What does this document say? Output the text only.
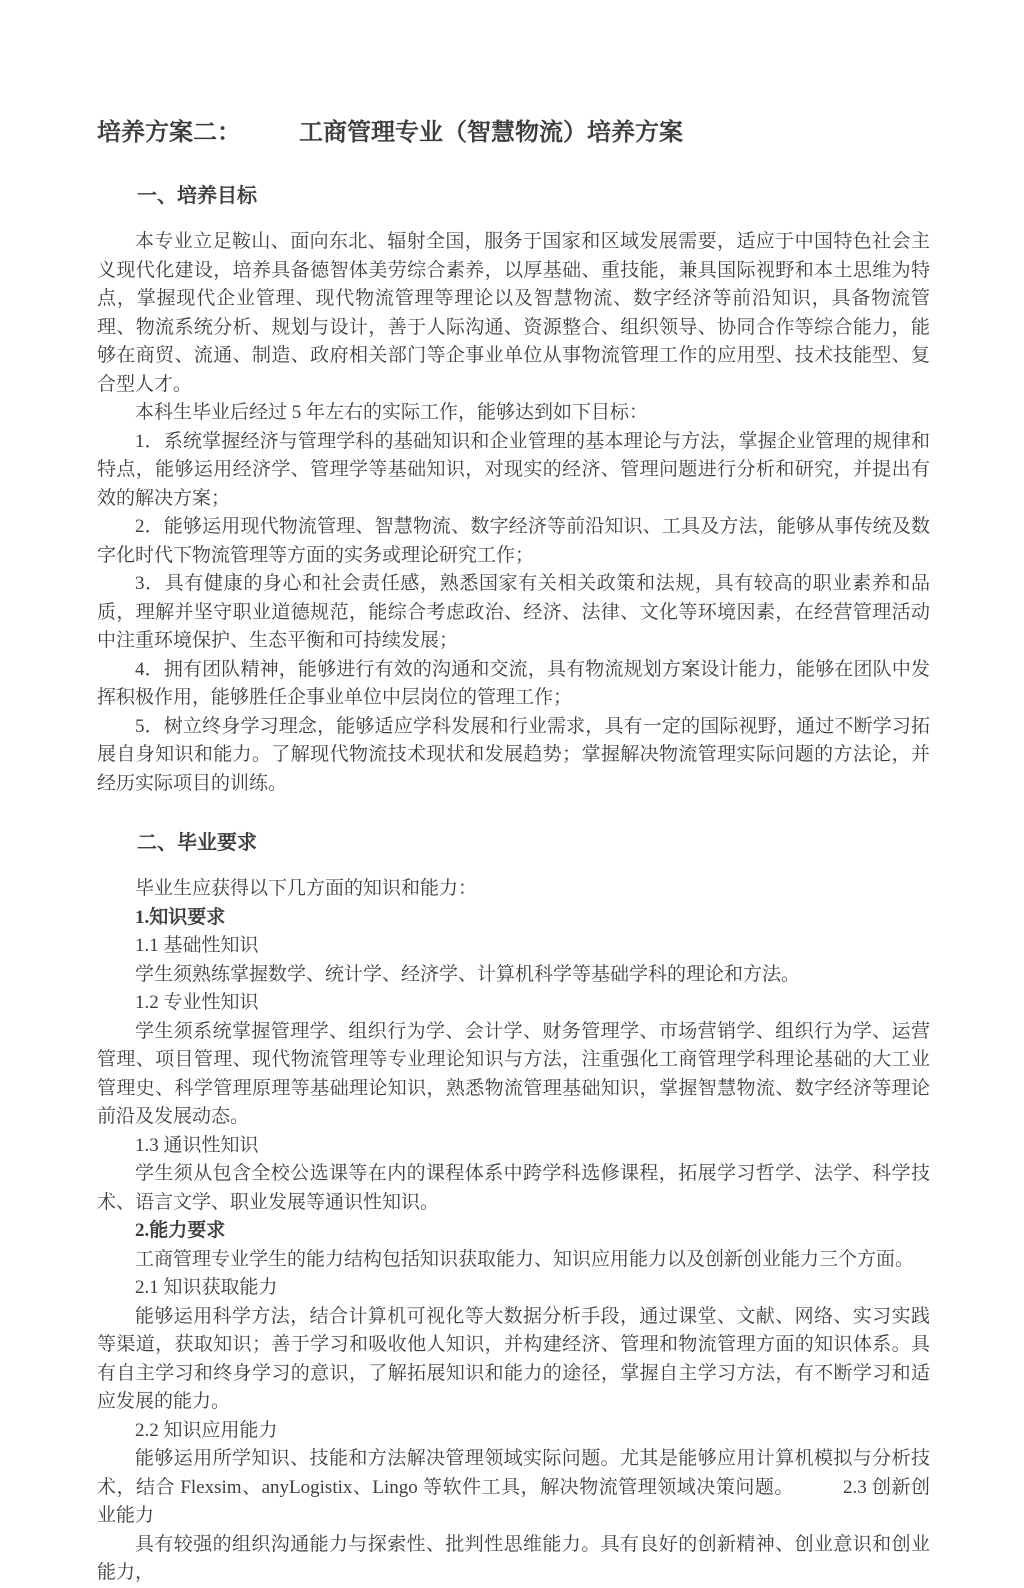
培养方案二： 工商管理专业（智慧物流）培养方案

一、培养目标

本专业立足鞍山、面向东北、辐射全国，服务于国家和区域发展需要，适应于中国特色社会主义现代化建设，培养具备德智体美劳综合素养，以厚基础、重技能，兼具国际视野和本土思维为特点，掌握现代企业管理、现代物流管理等理论以及智慧物流、数字经济等前沿知识，具备物流管理、物流系统分析、规划与设计，善于人际沟通、资源整合、组织领导、协同合作等综合能力，能够在商贸、流通、制造、政府相关部门等企事业单位从事物流管理工作的应用型、技术技能型、复合型人才。

本科生毕业后经过 5 年左右的实际工作，能够达到如下目标：

1．系统掌握经济与管理学科的基础知识和企业管理的基本理论与方法，掌握企业管理的规律和特点，能够运用经济学、管理学等基础知识，对现实的经济、管理问题进行分析和研究，并提出有效的解决方案；

2．能够运用现代物流管理、智慧物流、数字经济等前沿知识、工具及方法，能够从事传统及数字化时代下物流管理等方面的实务或理论研究工作；

3．具有健康的身心和社会责任感，熟悉国家有关相关政策和法规，具有较高的职业素养和品质，理解并坚守职业道德规范，能综合考虑政治、经济、法律、文化等环境因素，在经营管理活动中注重环境保护、生态平衡和可持续发展；

4．拥有团队精神，能够进行有效的沟通和交流，具有物流规划方案设计能力，能够在团队中发挥积极作用，能够胜任企事业单位中层岗位的管理工作；

5．树立终身学习理念，能够适应学科发展和行业需求，具有一定的国际视野，通过不断学习拓展自身知识和能力。了解现代物流技术现状和发展趋势；掌握解决物流管理实际问题的方法论，并经历实际项目的训练。

二、毕业要求

毕业生应获得以下几方面的知识和能力：

1.知识要求

1.1 基础性知识

学生须熟练掌握数学、统计学、经济学、计算机科学等基础学科的理论和方法。

1.2 专业性知识

学生须系统掌握管理学、组织行为学、会计学、财务管理学、市场营销学、组织行为学、运营管理、项目管理、现代物流管理等专业理论知识与方法，注重强化工商管理学科理论基础的大工业管理史、科学管理原理等基础理论知识，熟悉物流管理基础知识，掌握智慧物流、数字经济等理论前沿及发展动态。

1.3 通识性知识

学生须从包含全校公选课等在内的课程体系中跨学科选修课程，拓展学习哲学、法学、科学技术、语言文学、职业发展等通识性知识。

2.能力要求

工商管理专业学生的能力结构包括知识获取能力、知识应用能力以及创新创业能力三个方面。

2.1 知识获取能力

能够运用科学方法，结合计算机可视化等大数据分析手段，通过课堂、文献、网络、实习实践等渠道，获取知识；善于学习和吸收他人知识，并构建经济、管理和物流管理方面的知识体系。具有自主学习和终身学习的意识，了解拓展知识和能力的途径，掌握自主学习方法，有不断学习和适应发展的能力。

2.2 知识应用能力

能够运用所学知识、技能和方法解决管理领域实际问题。尤其是能够应用计算机模拟与分析技术，结合 Flexsim、anyLogistix、Lingo 等软件工具，解决物流管理领域决策问题。　　　2.3 创新创业能力

具有较强的组织沟通能力与探索性、批判性思维能力。具有良好的创新精神、创业意识和创业能力，
